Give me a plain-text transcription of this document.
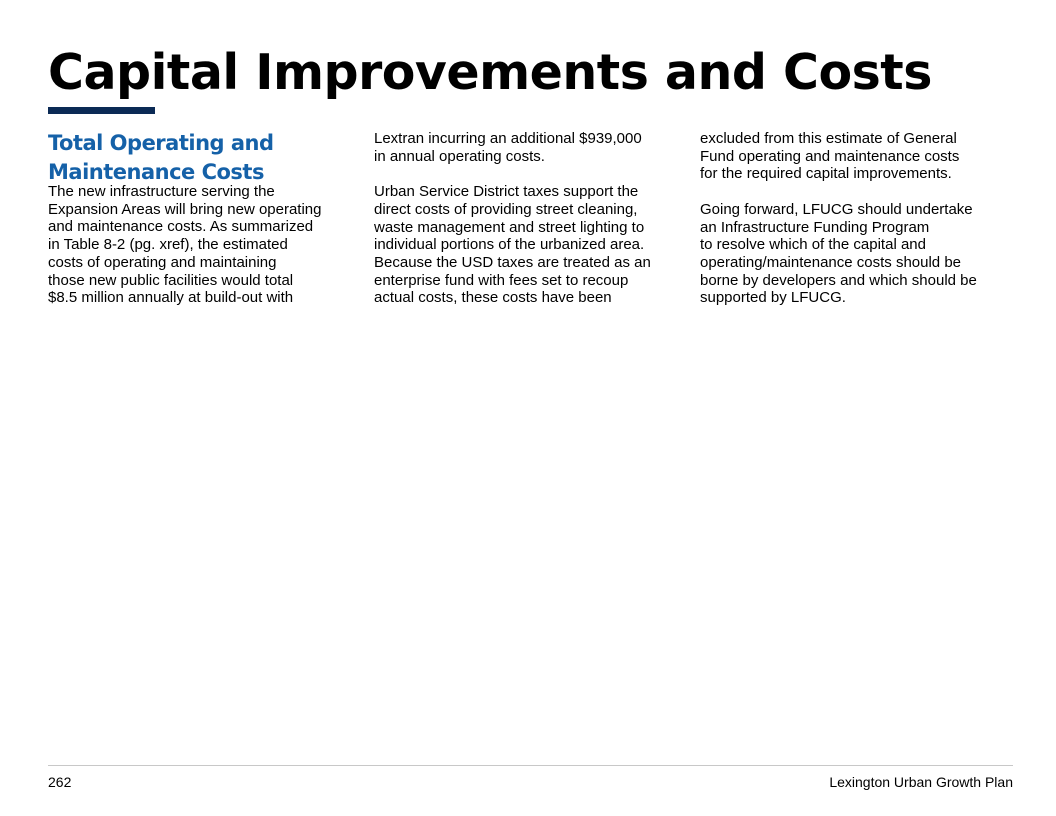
Capital Improvements and Costs
Total Operating and
Maintenance Costs

The new infrastructure serving the
Expansion Areas will bring new operating
and maintenance costs. As summarized
in Table 8-2 (pg. xref), the estimated
costs of operating and maintaining
those new public facilities would total
$8.5 million annually at build-out with

Lextran incurring an additional $939,000
in annual operating costs.

Urban Service District taxes support the
direct costs of providing street cleaning,
waste management and street lighting to
individual portions of the urbanized area.
Because the USD taxes are treated as an
enterprise fund with fees set to recoup
actual costs, these costs have been

excluded from this estimate of General
Fund operating and maintenance costs
for the required capital improvements.

Going forward, LFUCG should undertake
an Infrastructure Funding Program
to resolve which of the capital and
operating/maintenance costs should be
borne by developers and which should be
supported by LFUCG.

262	Lexington Urban Growth Plan
